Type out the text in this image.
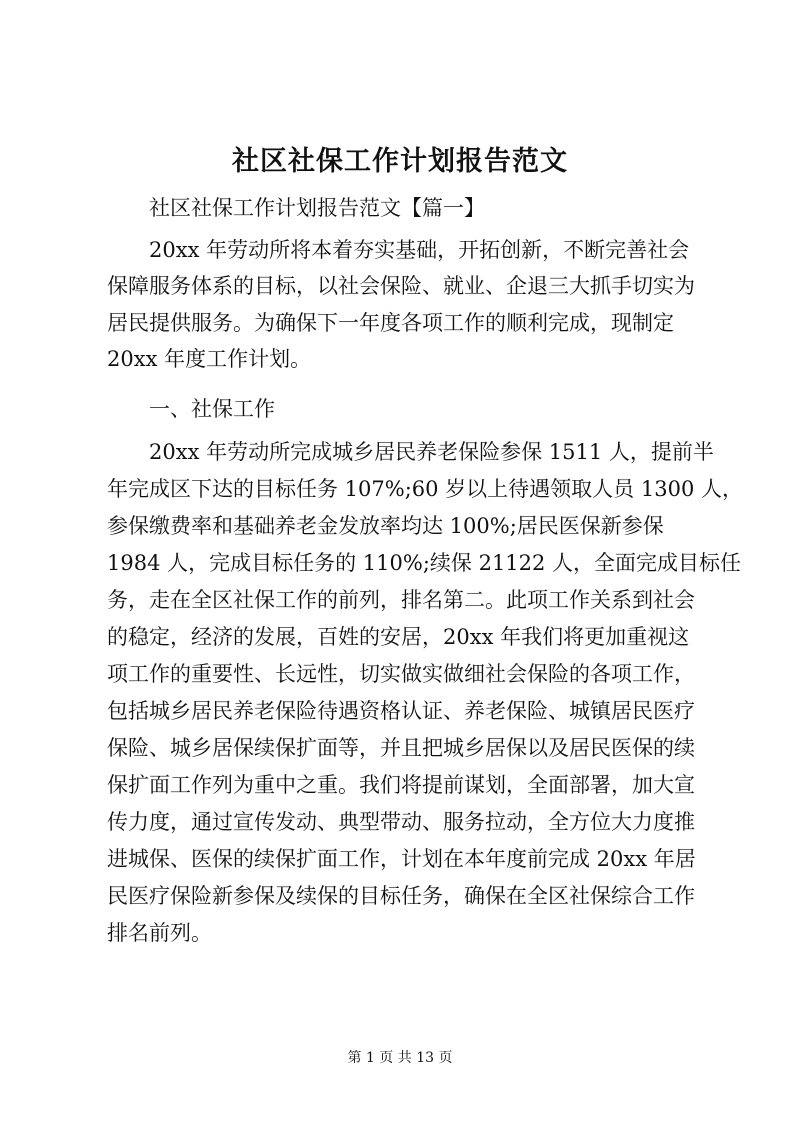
社区社保工作计划报告范文
社区社保工作计划报告范文【篇一】
20xx 年劳动所将本着夯实基础，开拓创新，不断完善社会
保障服务体系的目标，以社会保险、就业、企退三大抓手切实为
居民提供服务。为确保下一年度各项工作的顺利完成，现制定
20xx 年度工作计划。
一、社保工作
20xx 年劳动所完成城乡居民养老保险参保 1511 人，提前半
年完成区下达的目标任务 107%;60 岁以上待遇领取人员 1300 人，
参保缴费率和基础养老金发放率均达 100%;居民医保新参保
1984 人，完成目标任务的 110%;续保 21122 人，全面完成目标任
务，走在全区社保工作的前列，排名第二。此项工作关系到社会
的稳定，经济的发展，百姓的安居，20xx 年我们将更加重视这
项工作的重要性、长远性，切实做实做细社会保险的各项工作，
包括城乡居民养老保险待遇资格认证、养老保险、城镇居民医疗
保险、城乡居保续保扩面等，并且把城乡居保以及居民医保的续
保扩面工作列为重中之重。我们将提前谋划，全面部署，加大宣
传力度，通过宣传发动、典型带动、服务拉动，全方位大力度推
进城保、医保的续保扩面工作，计划在本年度前完成 20xx 年居
民医疗保险新参保及续保的目标任务，确保在全区社保综合工作
排名前列。
第 1 页 共 13 页
